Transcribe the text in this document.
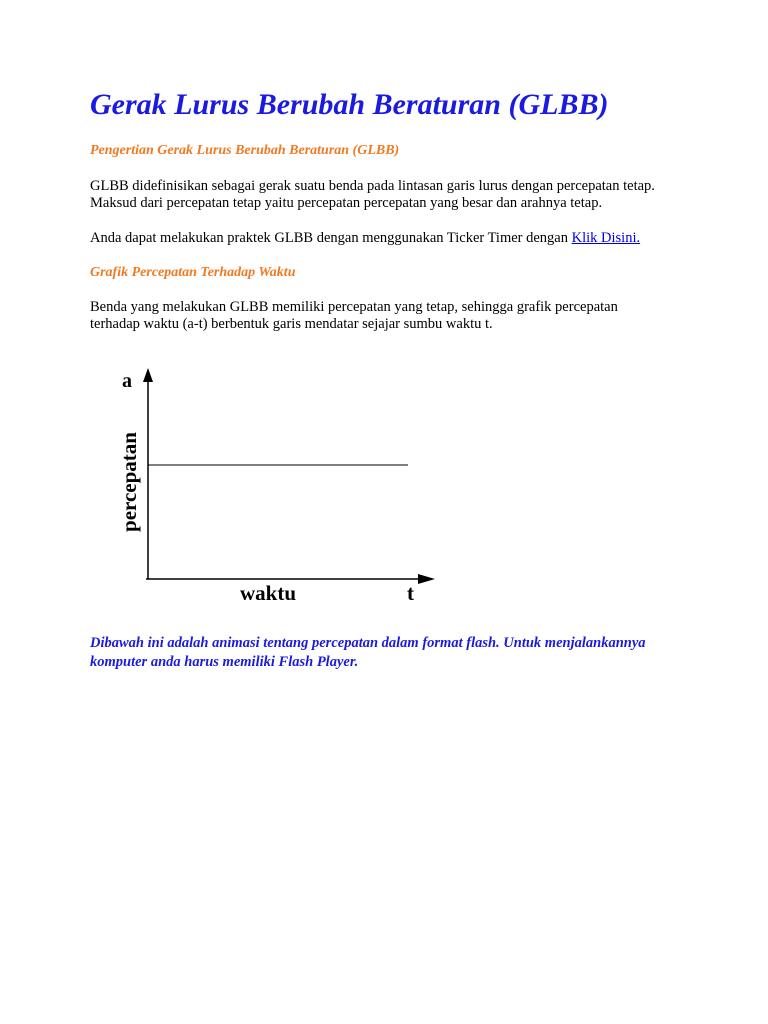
Gerak Lurus Berubah Beraturan (GLBB)
Pengertian Gerak Lurus Berubah Beraturan (GLBB)

GLBB didefinisikan sebagai gerak suatu benda pada lintasan garis lurus dengan percepatan tetap.
Maksud dari percepatan tetap yaitu percepatan percepatan yang besar dan arahnya tetap.

Anda dapat melakukan praktek GLBB dengan menggunakan Ticker Timer dengan Klik Disini.

Grafik Percepatan Terhadap Waktu

Benda yang melakukan GLBB memiliki percepatan yang tetap, sehingga grafik percepatan
terhadap waktu (a-t) berbentuk garis mendatar sejajar sumbu waktu t.

a
percepatan
waktu	t

Dibawah ini adalah animasi tentang percepatan dalam format flash. Untuk menjalankannya
komputer anda harus memiliki Flash Player.
